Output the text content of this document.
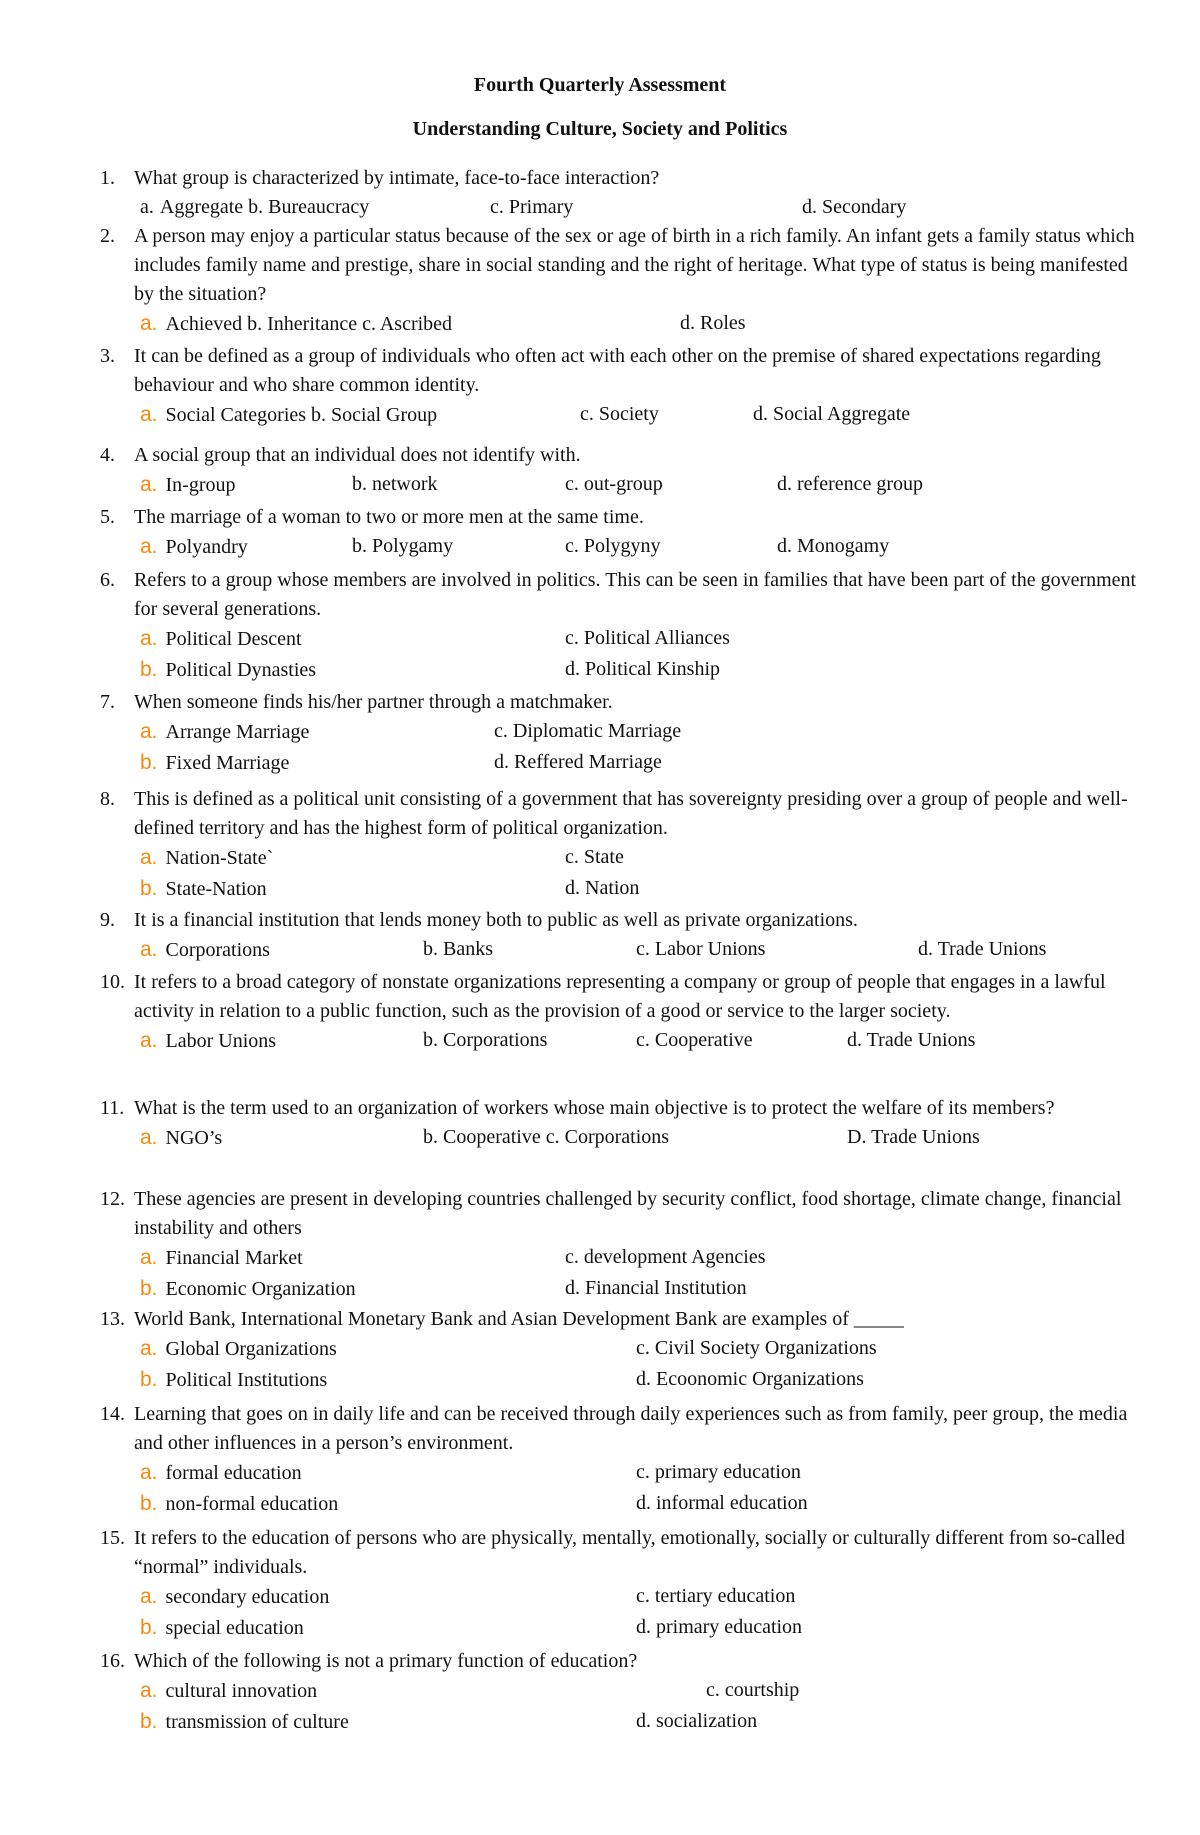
Fourth Quarterly Assessment
Understanding Culture, Society and Politics
1. What group is characterized by intimate, face-to-face interaction?
a. Aggregate b. Bureaucracy	c. Primary	d. Secondary
2. A person may enjoy a particular status because of the sex or age of birth in a rich family. An infant gets a family status which includes family name and prestige, share in social standing and the right of heritage. What type of status is being manifested by the situation?
a. Achieved b. Inheritance c. Ascribed	d. Roles
3. It can be defined as a group of individuals who often act with each other on the premise of shared expectations regarding behaviour and who share common identity.
a. Social Categories b. Social Group	c. Society	d. Social Aggregate
4. A social group that an individual does not identify with.
a. In-group	b. network	c. out-group	d. reference group
5. The marriage of a woman to two or more men at the same time.
a. Polyandry	b. Polygamy	c. Polygyny	d. Monogamy
6. Refers to a group whose members are involved in politics. This can be seen in families that have been part of the government for several generations.
a. Political Descent	c. Political Alliances
b. Political Dynasties	d. Political Kinship
7. When someone finds his/her partner through a matchmaker.
a. Arrange Marriage	c. Diplomatic Marriage
b. Fixed Marriage	d. Reffered Marriage
8. This is defined as a political unit consisting of a government that has sovereignty presiding over a group of people and well-defined territory and has the highest form of political organization.
a. Nation-State`	c. State
b. State-Nation	d. Nation
9. It is a financial institution that lends money both to public as well as private organizations.
a. Corporations	b. Banks	c. Labor Unions	d. Trade Unions
10. It refers to a broad category of nonstate organizations representing a company or group of people that engages in a lawful activity in relation to a public function, such as the provision of a good or service to the larger society.
a. Labor Unions	b. Corporations	c. Cooperative	d. Trade Unions
11. What is the term used to an organization of workers whose main objective is to protect the welfare of its members?
a. NGO’s	b. Cooperative c. Corporations	D. Trade Unions
12. These agencies are present in developing countries challenged by security conflict, food shortage, climate change, financial instability and others
a. Financial Market	c. development Agencies
b. Economic Organization	d. Financial Institution
13. World Bank, International Monetary Bank and Asian Development Bank are examples of _____
a. Global Organizations	c. Civil Society Organizations
b. Political Institutions	d. Ecoonomic Organizations
14. Learning that goes on in daily life and can be received through daily experiences such as from family, peer group, the media and other influences in a person’s environment.
a. formal education	c. primary education
b. non-formal education	d. informal education
15. It refers to the education of persons who are physically, mentally, emotionally, socially or culturally different from so-called “normal” individuals.
a. secondary education	c. tertiary education
b. special education	d. primary education
16. Which of the following is not a primary function of education?
a. cultural innovation	c. courtship
b. transmission of culture	d. socialization
